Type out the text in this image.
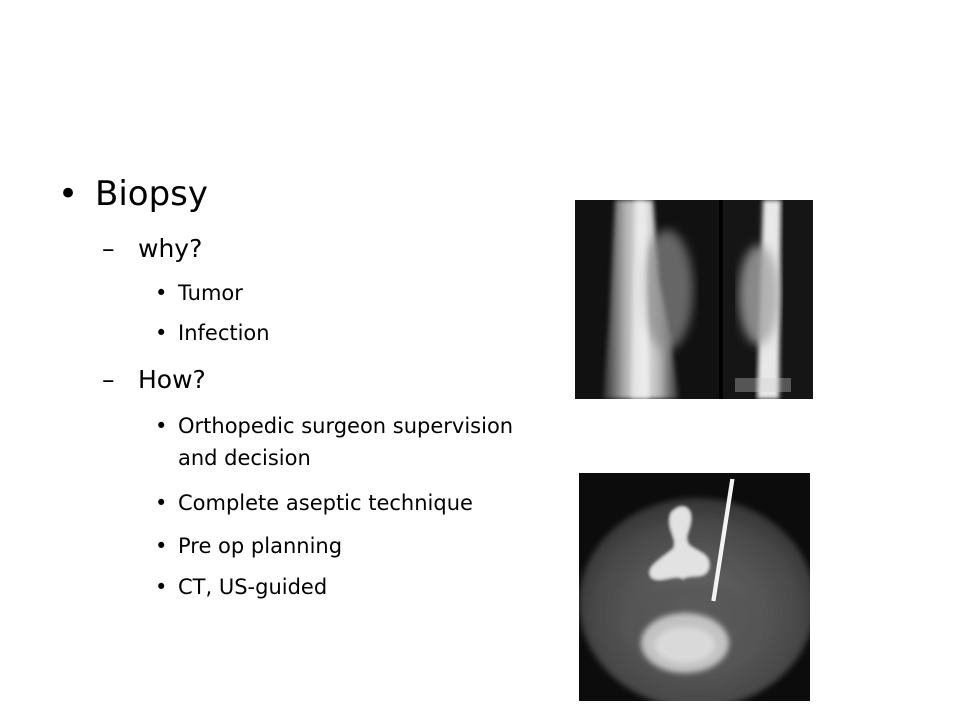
• Biopsy
– why?
• Tumor
• Infection
– How?
• Orthopedic surgeon supervision and decision
• Complete aseptic technique
• Pre op planning
• CT, US-guided
